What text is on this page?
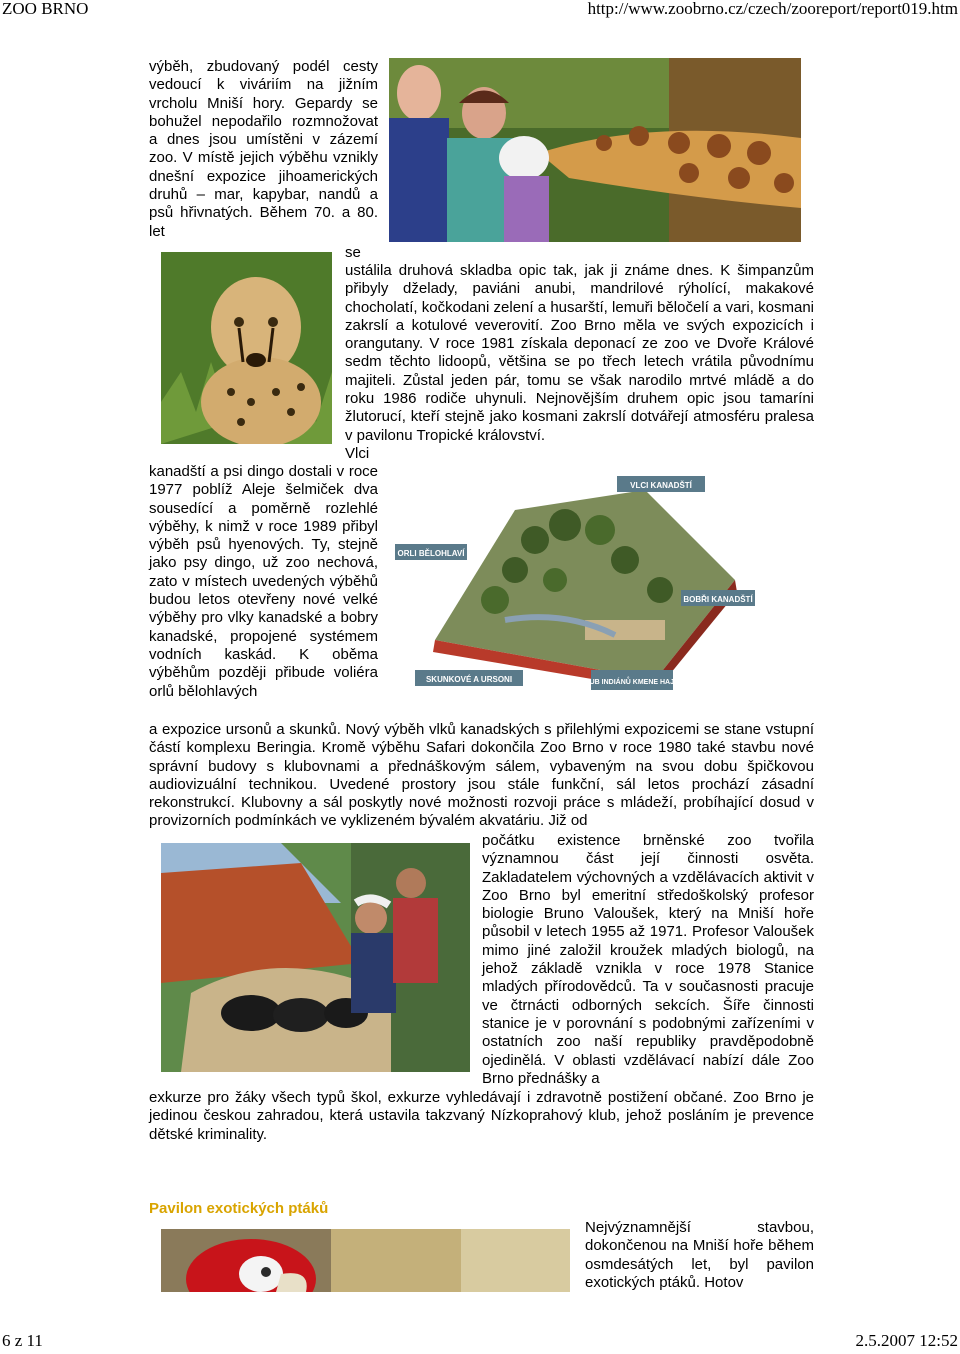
ZOO BRNO	http://www.zoobrno.cz/czech/zooreport/report019.htm

výběh, zbudovaný podél cesty vedoucí k viváriím na jižním vrcholu Mniší hory. Gepardy se bohužel nepodařilo rozmnožovat a dnes jsou umístěni v zázemí zoo. V místě jejich výběhu vznikly dnešní expozice jihoamerických druhů – mar, kapybar, nandů a psů hřivnatých. Během 70. a 80. let

se

ustálila druhová skladba opic tak, jak ji známe dnes. K šimpanzům přibyly dželady, paviáni anubi, mandrilové rýholící, makakové chocholatí, kočkodani zelení a husarští, lemuři běločelí a vari, kosmani zakrslí a kotulové veverovití. Zoo Brno měla ve svých expozicích i orangutany. V roce 1981 získala deponací ze zoo ve Dvoře Králové sedm těchto lidoopů, většina se po třech letech vrátila původnímu majiteli. Zůstal jeden pár, tomu se však narodilo mrtvé mládě a do roku 1986 rodiče uhynuli. Nejnovějším druhem opic jsou tamaríni žlutorucí, kteří stejně jako kosmani zakrslí dotvářejí atmosféru pralesa v pavilonu Tropické království.

Vlci

kanadští a psi dingo dostali v roce 1977 poblíž Aleje šelmiček dva sousedící a poměrně rozlehlé výběhy, k nimž v roce 1989 přibyl výběh psů hyenových. Ty, stejně jako psy dingo, už zoo nechová, zato v místech uvedených výběhů budou letos otevřeny nové velké výběhy pro vlky kanadské a bobry kanadské, propojené systémem vodních kaskád. K oběma výběhům později přibude voliéra orlů bělohlavých

VLCI KANADŠTÍ
ORLI BĚLOHLAVÍ
BOBŘI KANADŠTÍ
SKUNKOVÉ A URSONI	SRUB INDIÁNŮ KMENE HAJDA

a expozice ursonů a skunků. Nový výběh vlků kanadských s přilehlými expozicemi se stane vstupní částí komplexu Beringia. Kromě výběhu Safari dokončila Zoo Brno v roce 1980 také stavbu nové správní budovy s klubovnami a přednáškovým sálem, vybaveným na svou dobu špičkovou audiovizuální technikou. Uvedené prostory jsou stále funkční, sál letos prochází zásadní rekonstrukcí. Klubovny a sál poskytly nové možnosti rozvoji práce s mládeží, probíhající dosud v provizorních podmínkách ve vyklizeném bývalém akvatáriu. Již od

počátku existence brněnské zoo tvořila významnou část její činnosti osvěta. Zakladatelem výchovných a vzdělávacích aktivit v Zoo Brno byl emeritní středoškolský profesor biologie Bruno Valoušek, který na Mniší hoře působil v letech 1955 až 1971. Profesor Valoušek mimo jiné založil kroužek mladých biologů, na jehož základě vznikla v roce 1978 Stanice mladých přírodovědců. Ta v současnosti pracuje ve čtrnácti odborných sekcích. Šíře činnosti stanice je v porovnání s podobnými zařízeními v ostatních zoo naší republiky pravděpodobně ojedinělá. V oblasti vzdělávací nabízí dále Zoo Brno přednášky a

exkurze pro žáky všech typů škol, exkurze vyhledávají i zdravotně postižení občané. Zoo Brno je jedinou českou zahradou, která ustavila takzvaný Nízkoprahový klub, jehož posláním je prevence dětské kriminality.

Pavilon exotických ptáků

Nejvýznamnější stavbou, dokončenou na Mniší hoře během osmdesátých let, byl pavilon exotických ptáků. Hotov

6 z 11	2.5.2007 12:52
